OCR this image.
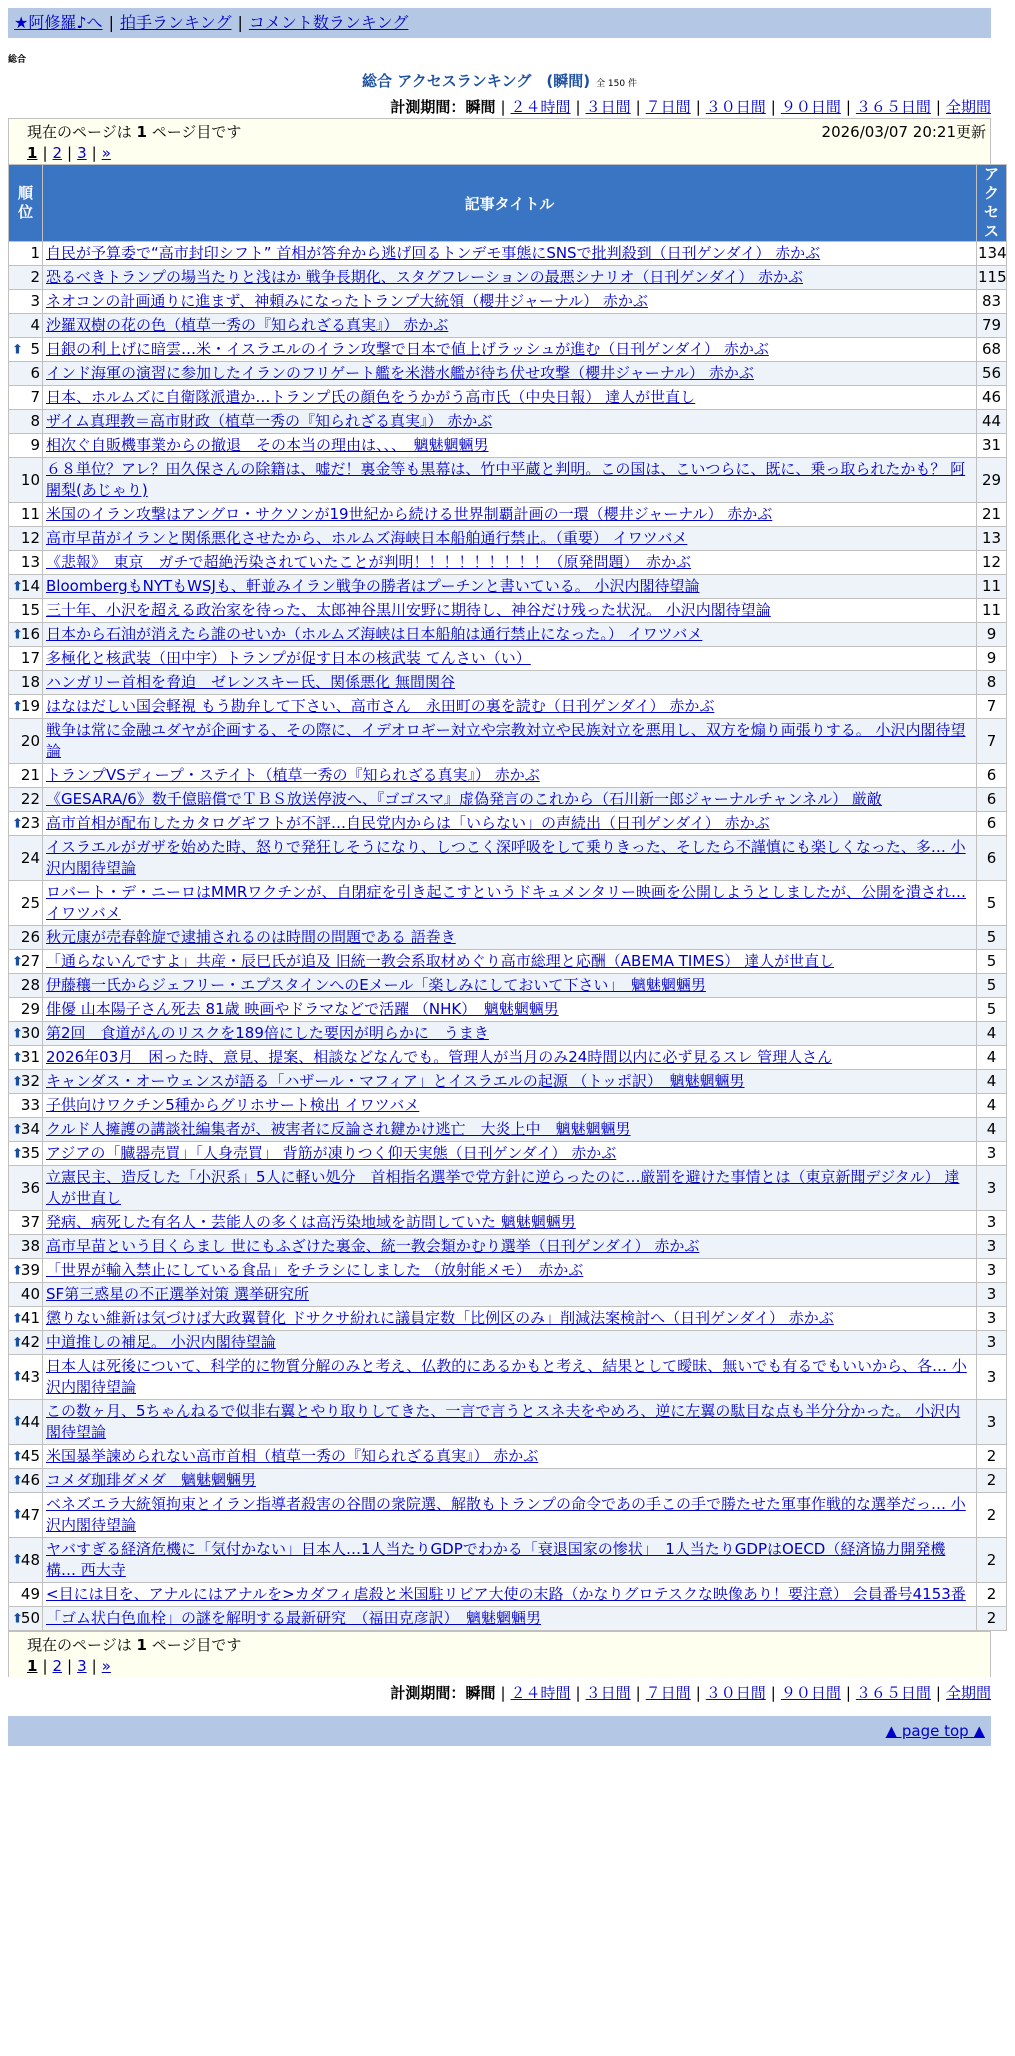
★阿修羅♪へ | 拍手ランキング | コメント数ランキング
総合
総合 アクセスランキング　(瞬間) 全 150 件
計測期間：瞬間 | ２４時間 | ３日間 | ７日間 | ３０日間 | ９０日間 | ３６５日間 | 全期間
現在のページは 1 ページ目です	2026/03/07 20:21更新
1 | 2 | 3 | »
順位	記事タイトル	アクセス
1	自民が予算委で“高市封印シフト” 首相が答弁から逃げ回るトンデモ事態にSNSで批判殺到（日刊ゲンダイ） 赤かぶ	134
2	恐るべきトランプの場当たりと浅はか 戦争長期化、スタグフレーションの最悪シナリオ（日刊ゲンダイ） 赤かぶ	115
3	ネオコンの計画通りに進まず、神頼みになったトランプ大統領（櫻井ジャーナル） 赤かぶ	83
4	沙羅双樹の花の色（植草一秀の『知られざる真実』） 赤かぶ	79

⬆ 5	日銀の利上げに暗雲…米・イスラエルのイラン攻撃で日本で値上げラッシュが進む（日刊ゲンダイ） 赤かぶ	68
6	インド海軍の演習に参加したイランのフリゲート艦を米潜水艦が待ち伏せ攻撃（櫻井ジャーナル） 赤かぶ	56
7	日本、ホルムズに自衛隊派遣か…トランプ氏の顔色をうかがう高市氏（中央日報） 達人が世直し	46
8	ザイム真理教＝高市財政（植草一秀の『知られざる真実』） 赤かぶ	44
9	相次ぐ自販機事業からの撤退　その本当の理由は、、、　魑魅魍魎男	31
10	６８単位？アレ？田久保さんの除籍は、嘘だ！裏金等も黒幕は、竹中平蔵と判明。この国は、こいつらに、既に、乗っ取られたかも？ 阿闍梨(あじゃり)	29
11	米国のイラン攻撃はアングロ・サクソンが19世紀から続ける世界制覇計画の一環（櫻井ジャーナル） 赤かぶ	21
12	高市早苗がイランと関係悪化させたから、ホルムズ海峡日本船舶通行禁止。（重要） イワツバメ	13
13	《悲報》　東京　ガチで超絶汚染されていたことが判明！！！！！！！！！（原発問題）　赤かぶ	12

⬆
14	BloombergもNYTもWSJも、軒並みイラン戦争の勝者はプーチンと書いている。 小沢内閣待望論	11
15	三十年、小沢を超える政治家を待った、太郎神谷黒川安野に期待し、神谷だけ残った状況。 小沢内閣待望論	11

⬆
16	日本から石油が消えたら誰のせいか（ホルムズ海峡は日本船舶は通行禁止になった。） イワツバメ	9
17	多極化と核武装（田中宇）トランプが促す日本の核武装 てんさい（い）	9
18	ハンガリー首相を脅迫　ゼレンスキー氏、関係悪化 無間関谷	8

⬆
19	はなはだしい国会軽視 もう勘弁して下さい、高市さん　永田町の裏を読む（日刊ゲンダイ） 赤かぶ	7
20	戦争は常に金融ユダヤが企画する、その際に、イデオロギー対立や宗教対立や民族対立を悪用し、双方を煽り両張りする。 小沢内閣待望論	7
21	トランプVSディープ・ステイト（植草一秀の『知られざる真実』） 赤かぶ	6
22	《GESARA/6》数千億賠償でＴＢＳ放送停波へ、『ゴゴスマ』虚偽発言のこれから（石川新一郎ジャーナルチャンネル） 厳敵	6

⬆
23	高市首相が配布したカタログギフトが不評…自民党内からは「いらない」の声続出（日刊ゲンダイ） 赤かぶ	6
24	イスラエルがガザを始めた時、怒りで発狂しそうになり、しつこく深呼吸をして乗りきった、そしたら不謹慎にも楽しくなった、多… 小沢内閣待望論	6
25	ロバート・デ・ニーロはMMRワクチンが、自閉症を引き起こすというドキュメンタリー映画を公開しようとしましたが、公開を潰され… イワツバメ	5
26	秋元康が売春斡旋で逮捕されるのは時間の問題である 語巻き	5

⬆
27	「通らないんですよ」共産・辰巳氏が追及 旧統一教会系取材めぐり高市総理と応酬（ABEMA TIMES） 達人が世直し	5
28	伊藤穰一氏からジェフリー・エプスタインへのEメール「楽しみにしておいて下さい」　魑魅魍魎男	5
29	俳優 山本陽子さん死去 81歳 映画やドラマなどで活躍 （NHK）　魑魅魍魎男	5

⬆
30	第2回　食道がんのリスクを189倍にした要因が明らかに　うまき	4

⬆
31	2026年03月　困った時、意見、提案、相談などなんでも。管理人が当月のみ24時間以内に必ず見るスレ 管理人さん	4

⬆
32	キャンダス・オーウェンスが語る「ハザール・マフィア」とイスラエルの起源 （トッポ訳）　魑魅魍魎男	4
33	子供向けワクチン5種からグリホサート検出 イワツバメ	4

⬆
34	クルド人擁護の講談社編集者が、被害者に反論され鍵かけ逃亡　大炎上中　魑魅魍魎男	4

⬆
35	アジアの「臓器売買」「人身売買」 背筋が凍りつく仰天実態（日刊ゲンダイ） 赤かぶ	3
36	立憲民主、造反した「小沢系」5人に軽い処分　首相指名選挙で党方針に逆らったのに…厳罰を避けた事情とは（東京新聞デジタル） 達人が世直し	3
37	発病、病死した有名人・芸能人の多くは高汚染地域を訪問していた 魑魅魍魎男	3
38	高市早苗という目くらまし 世にもふざけた裏金、統一教会類かむり選挙（日刊ゲンダイ） 赤かぶ	3

⬆
39	「世界が輸入禁止にしている食品」をチラシにしました （放射能メモ）　赤かぶ	3
40	SF第三惑星の不正選挙対策 選挙研究所	3

⬆
41	懲りない維新は気づけば大政翼賛化 ドサクサ紛れに議員定数「比例区のみ」削減法案検討へ（日刊ゲンダイ） 赤かぶ	3

⬆
42	中道推しの補足。 小沢内閣待望論	3

⬆
43	日本人は死後について、科学的に物質分解のみと考え、仏教的にあるかもと考え、結果として曖昧、無いでも有るでもいいから、各… 小沢内閣待望論	3

⬆
44	この数ヶ月、5ちゃんねるで似非右翼とやり取りしてきた、一言で言うとスネ夫をやめろ、逆に左翼の駄目な点も半分分かった。 小沢内閣待望論	3

⬆
45	米国暴挙諫められない高市首相（植草一秀の『知られざる真実』） 赤かぶ	2

⬆
46	コメダ珈琲ダメダ　魑魅魍魎男	2

⬆
47	ベネズエラ大統領拘束とイラン指導者殺害の谷間の衆院選、解散もトランプの命令であの手この手で勝たせた軍事作戦的な選挙だっ… 小沢内閣待望論	2

⬆
48	ヤバすぎる経済危機に「気付かない」日本人…1人当たりGDPでわかる「衰退国家の惨状」　1人当たりGDPはOECD（経済協力開発機構… 西大寺	2
49	<目には目を、アナルにはアナルを>カダフィ虐殺と米国駐リビア大使の末路（かなりグロテスクな映像あり！要注意） 会員番号4153番	2

⬆
50	「ゴム状白色血栓」の謎を解明する最新研究　（福田克彦訳）　魑魅魍魎男	2
現在のページは 1 ページ目です
1 | 2 | 3 | »
計測期間：瞬間 | ２４時間 | ３日間 | ７日間 | ３０日間 | ９０日間 | ３６５日間 | 全期間
▲ page top ▲
